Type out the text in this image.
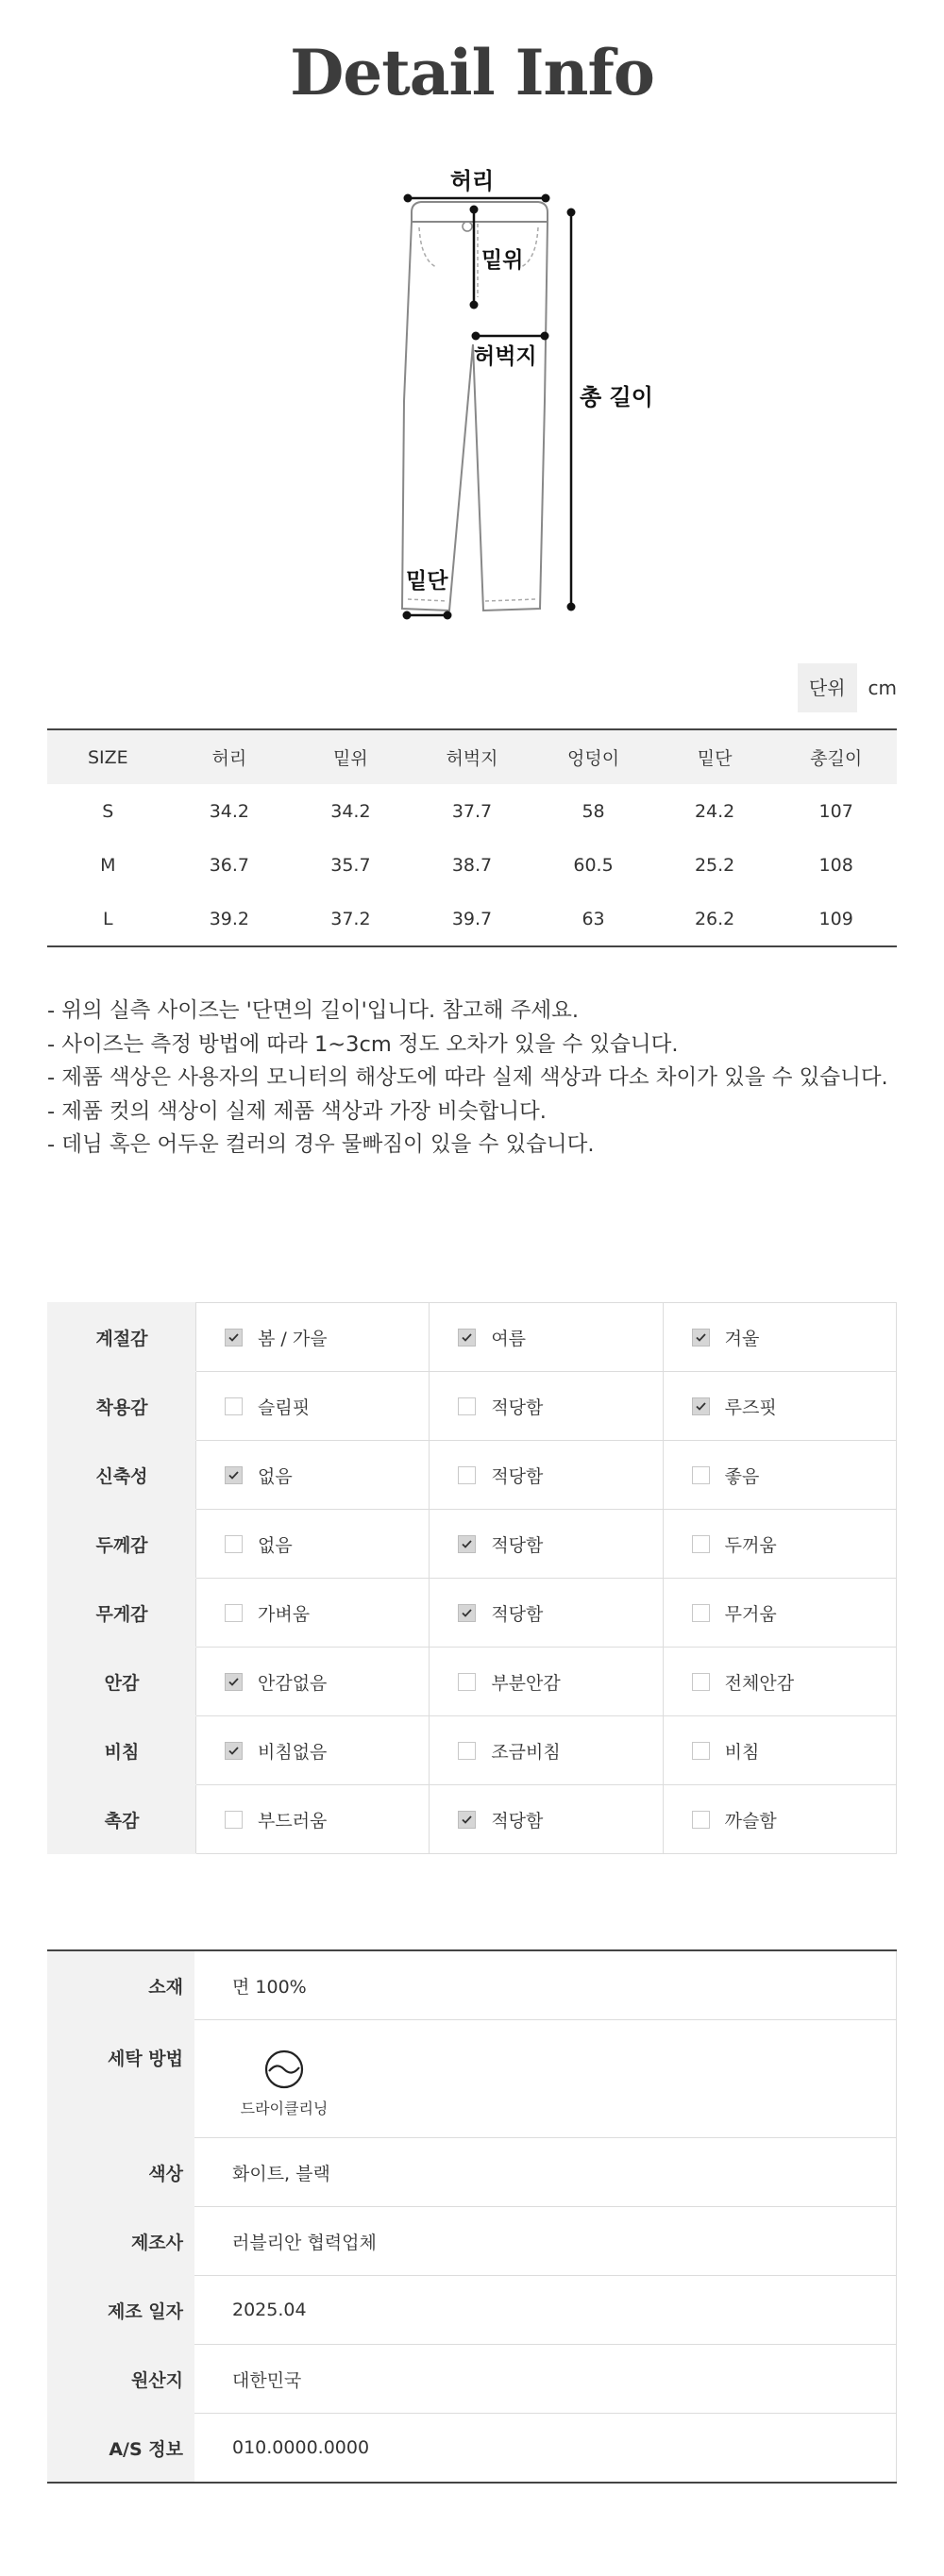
Detail Info
허리
밑위
허벅지
총 길이
밑단
단위	cm
SIZE	허리	밑위	허벅지	엉덩이	밑단	총길이
S	34.2	34.2	37.7	58	24.2	107
M	36.7	35.7	38.7	60.5	25.2	108
L	39.2	37.2	39.7	63	26.2	109
- 위의 실측 사이즈는 '단면의 길이'입니다. 참고해 주세요.
- 사이즈는 측정 방법에 따라 1~3cm 정도 오차가 있을 수 있습니다.
- 제품 색상은 사용자의 모니터의 해상도에 따라 실제 색상과 다소 차이가 있을 수 있습니다.
- 제품 컷의 색상이 실제 제품 색상과 가장 비슷합니다.
- 데님 혹은 어두운 컬러의 경우 물빠짐이 있을 수 있습니다.
계절감	봄 / 가을	여름	겨울

착용감	슬림핏	적당함	루즈핏

신축성	없음	적당함	좋음

두께감	없음	적당함	두꺼움

무게감	가벼움	적당함	무거움

안감	안감없음	부분안감	전체안감

비침	비침없음	조금비침	비침

촉감	부드러움	적당함	까슬함
소재	면 100%
세탁 방법	드라이클리닝

색상	화이트, 블랙
제조사	러블리안 협력업체
제조 일자	2025.04
원산지	대한민국
A/S 정보	010.0000.0000
